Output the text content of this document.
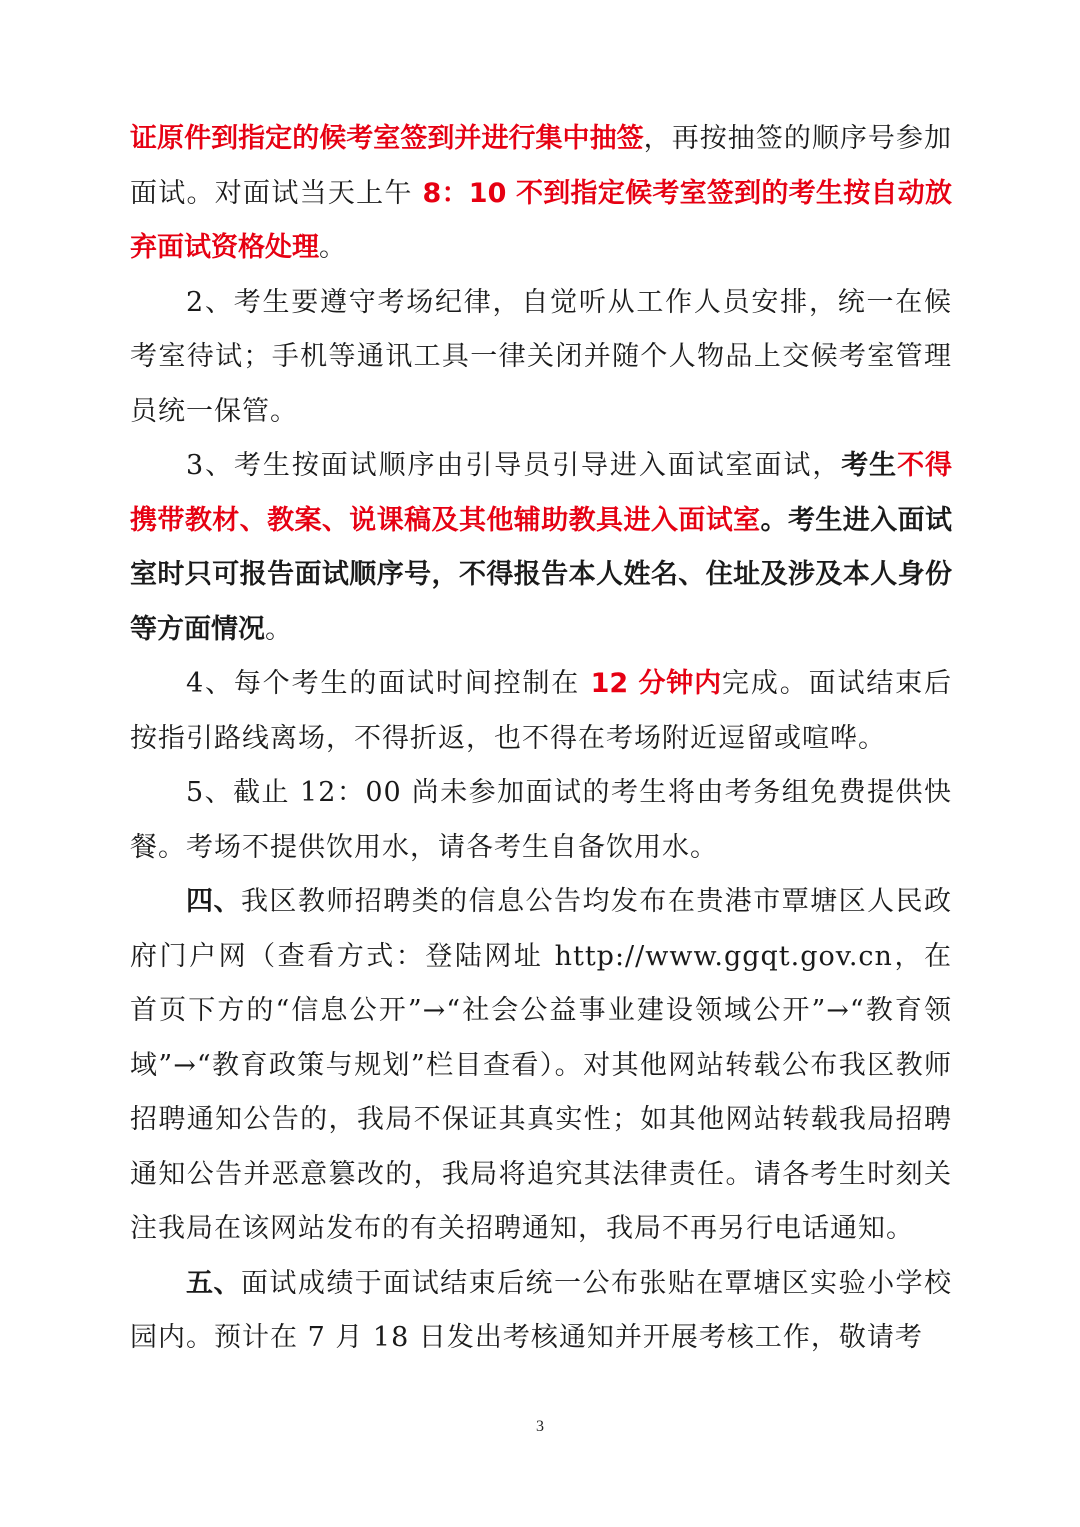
证原件到指定的候考室签到并进行集中抽签，再按抽签的顺序号参加面试。对面试当天上午 8：10 不到指定候考室签到的考生按自动放弃面试资格处理。

2、考生要遵守考场纪律，自觉听从工作人员安排，统一在候考室待试；手机等通讯工具一律关闭并随个人物品上交候考室管理员统一保管。

3、考生按面试顺序由引导员引导进入面试室面试，考生不得携带教材、教案、说课稿及其他辅助教具进入面试室。考生进入面试室时只可报告面试顺序号，不得报告本人姓名、住址及涉及本人身份等方面情况。

4、每个考生的面试时间控制在 12 分钟内完成。面试结束后按指引路线离场，不得折返，也不得在考场附近逗留或喧哗。

5、截止 12：00 尚未参加面试的考生将由考务组免费提供快餐。考场不提供饮用水，请各考生自备饮用水。

四、我区教师招聘类的信息公告均发布在贵港市覃塘区人民政府门户网（查看方式：登陆网址 http://www.ggqt.gov.cn，在首页下方的“信息公开”→“社会公益事业建设领域公开”→“教育领域”→“教育政策与规划”栏目查看）。对其他网站转载公布我区教师招聘通知公告的，我局不保证其真实性；如其他网站转载我局招聘通知公告并恶意篡改的，我局将追究其法律责任。请各考生时刻关注我局在该网站发布的有关招聘通知，我局不再另行电话通知。

五、面试成绩于面试结束后统一公布张贴在覃塘区实验小学校园内。预计在 7 月 18 日发出考核通知并开展考核工作，敬请考

3
